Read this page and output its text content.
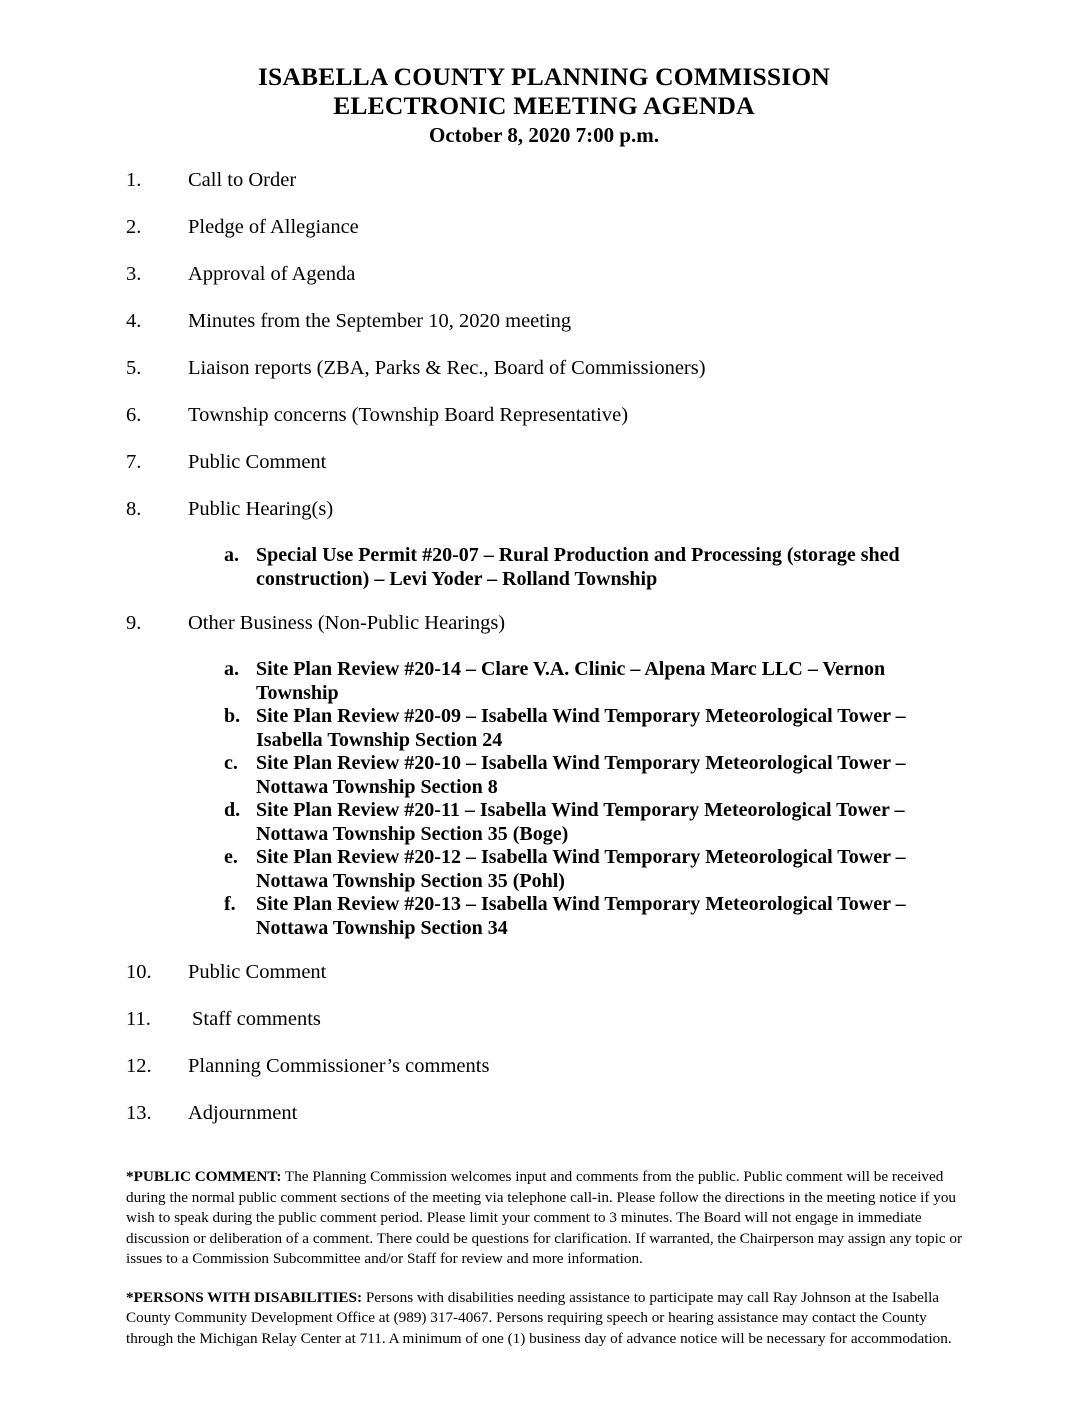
ISABELLA COUNTY PLANNING COMMISSION
ELECTRONIC MEETING AGENDA
October 8, 2020 7:00 p.m.
1.	Call to Order
2.	Pledge of Allegiance
3.	Approval of Agenda
4.	Minutes from the September 10, 2020 meeting
5.	Liaison reports (ZBA, Parks & Rec., Board of Commissioners)
6.	Township concerns (Township Board Representative)
7.	Public Comment
8.	Public Hearing(s)
a. Special Use Permit #20-07 – Rural Production and Processing (storage shed construction) – Levi Yoder – Rolland Township
9.	Other Business (Non-Public Hearings)
a. Site Plan Review #20-14 – Clare V.A. Clinic – Alpena Marc LLC – Vernon Township
b. Site Plan Review #20-09 – Isabella Wind Temporary Meteorological Tower – Isabella Township Section 24
c. Site Plan Review #20-10 – Isabella Wind Temporary Meteorological Tower – Nottawa Township Section 8
d. Site Plan Review #20-11 – Isabella Wind Temporary Meteorological Tower – Nottawa Township Section 35 (Boge)
e. Site Plan Review #20-12 – Isabella Wind Temporary Meteorological Tower – Nottawa Township Section 35 (Pohl)
f.	Site Plan Review #20-13 – Isabella Wind Temporary Meteorological Tower – Nottawa Township Section 34
10.	Public Comment
11.	Staff comments
12.	Planning Commissioner’s comments
13.	Adjournment

*PUBLIC COMMENT: The Planning Commission welcomes input and comments from the public. Public comment will be received during the normal public comment sections of the meeting via telephone call-in. Please follow the directions in the meeting notice if you wish to speak during the public comment period. Please limit your comment to 3 minutes. The Board will not engage in immediate discussion or deliberation of a comment. There could be questions for clarification. If warranted, the Chairperson may assign any topic or issues to a Commission Subcommittee and/or Staff for review and more information.

*PERSONS WITH DISABILITIES: Persons with disabilities needing assistance to participate may call Ray Johnson at the Isabella County Community Development Office at (989) 317-4067. Persons requiring speech or hearing assistance may contact the County through the Michigan Relay Center at 711. A minimum of one (1) business day of advance notice will be necessary for accommodation.
